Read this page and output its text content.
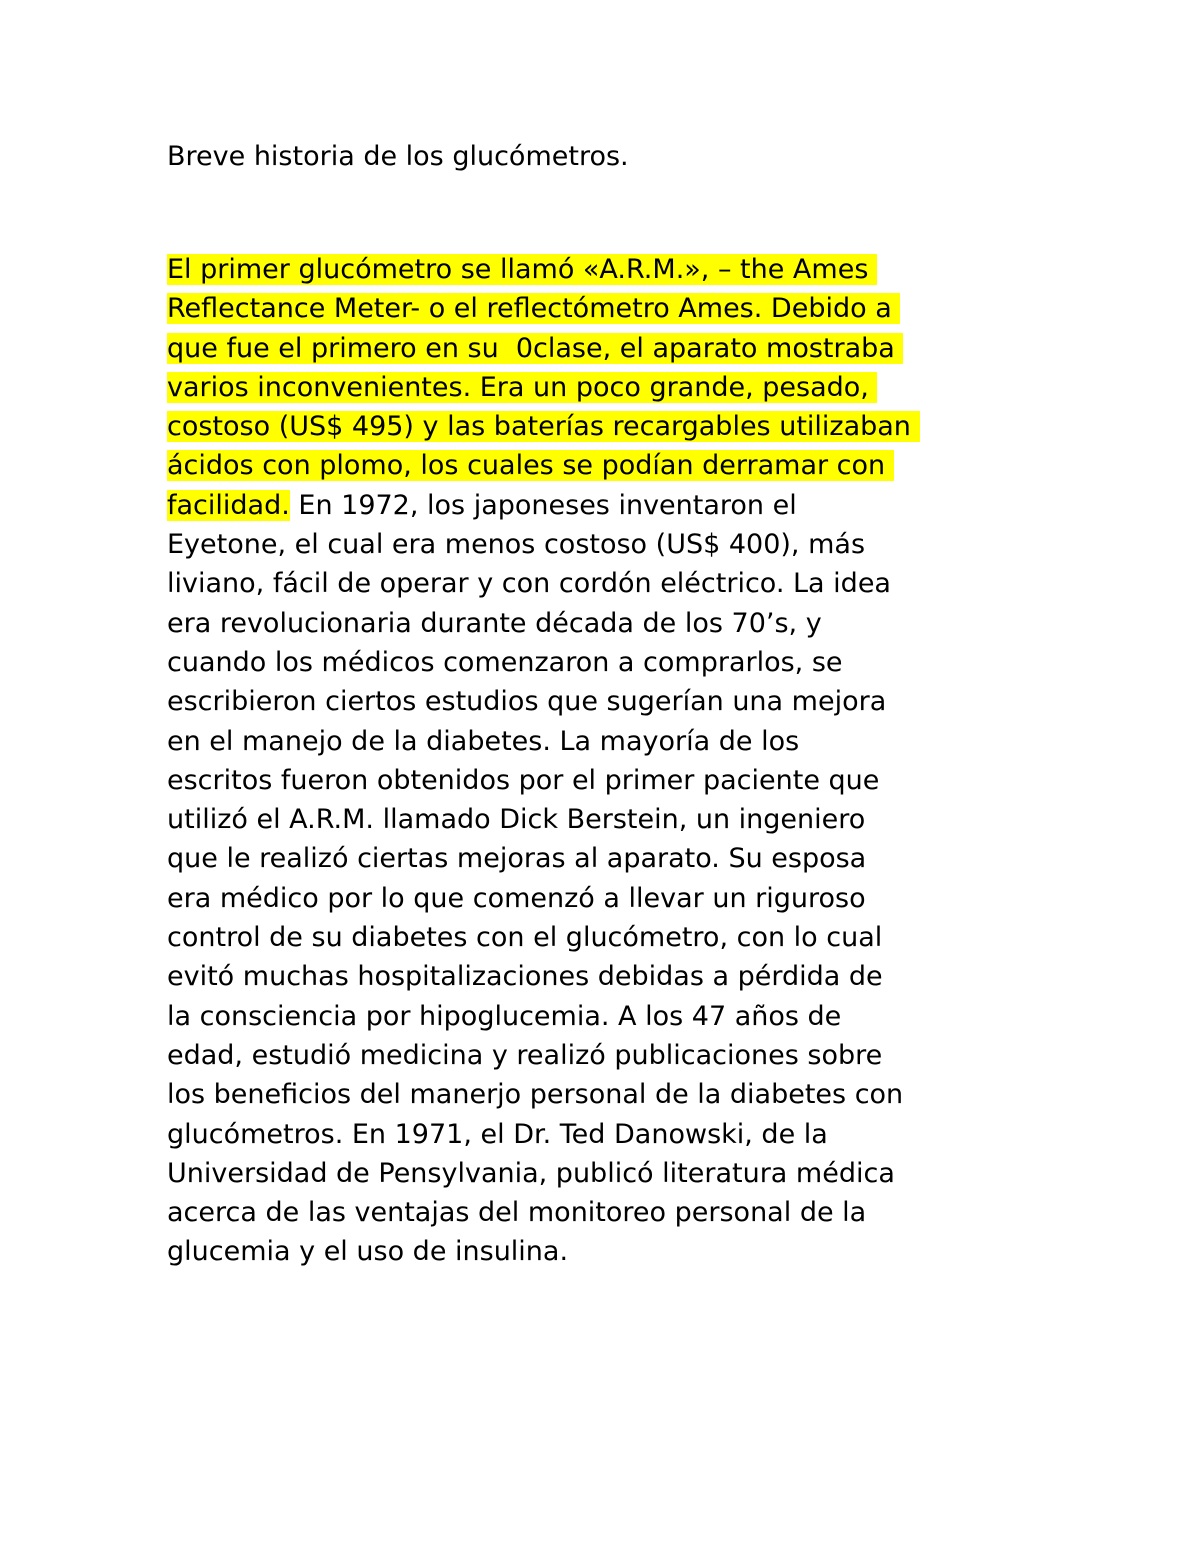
Breve historia de los glucómetros.
El primer glucómetro se llamó «A.R.M.», – the Ames
Reflectance Meter- o el reflectómetro Ames. Debido a
que fue el primero en su  0clase, el aparato mostraba
varios inconvenientes. Era un poco grande, pesado,
costoso (US$ 495) y las baterías recargables utilizaban
ácidos con plomo, los cuales se podían derramar con
facilidad. En 1972, los japoneses inventaron el
Eyetone, el cual era menos costoso (US$ 400), más
liviano, fácil de operar y con cordón eléctrico. La idea
era revolucionaria durante década de los 70’s, y
cuando los médicos comenzaron a comprarlos, se
escribieron ciertos estudios que sugerían una mejora
en el manejo de la diabetes. La mayoría de los
escritos fueron obtenidos por el primer paciente que
utilizó el A.R.M. llamado Dick Berstein, un ingeniero
que le realizó ciertas mejoras al aparato. Su esposa
era médico por lo que comenzó a llevar un riguroso
control de su diabetes con el glucómetro, con lo cual
evitó muchas hospitalizaciones debidas a pérdida de
la consciencia por hipoglucemia. A los 47 años de
edad, estudió medicina y realizó publicaciones sobre
los beneficios del manerjo personal de la diabetes con
glucómetros. En 1971, el Dr. Ted Danowski, de la
Universidad de Pensylvania, publicó literatura médica
acerca de las ventajas del monitoreo personal de la
glucemia y el uso de insulina.
